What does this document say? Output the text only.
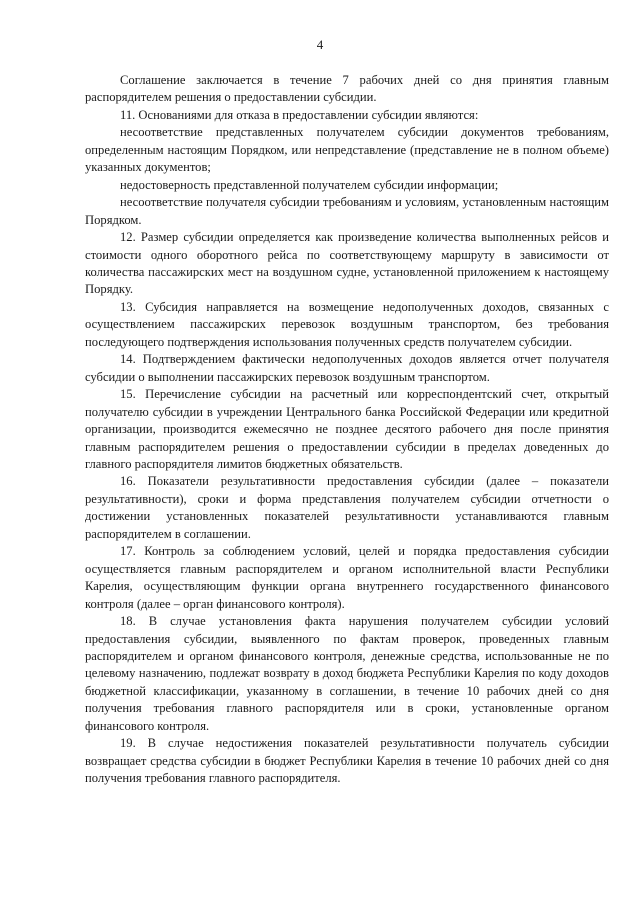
4

Соглашение заключается в течение 7 рабочих дней со дня принятия главным распорядителем решения о предоставлении субсидии.

11. Основаниями для отказа в предоставлении субсидии являются:

несоответствие представленных получателем субсидии документов требованиям, определенным настоящим Порядком, или непредставление (представление не в полном объеме) указанных документов;

недостоверность представленной получателем субсидии информации;

несоответствие получателя субсидии требованиям и условиям, установленным настоящим Порядком.

12. Размер субсидии определяется как произведение количества выполненных рейсов и стоимости одного оборотного рейса по соответствующему маршруту в зависимости от количества пассажирских мест на воздушном судне, установленной приложением к настоящему Порядку.

13. Субсидия направляется на возмещение недополученных доходов, связанных с осуществлением пассажирских перевозок воздушным транспортом, без требования последующего подтверждения использования полученных средств получателем субсидии.

14. Подтверждением фактически недополученных доходов является отчет получателя субсидии о выполнении пассажирских перевозок воздушным транспортом.

15. Перечисление субсидии на расчетный или корреспондентский счет, открытый получателю субсидии в учреждении Центрального банка Российской Федерации или кредитной организации, производится ежемесячно не позднее десятого рабочего дня после принятия главным распорядителем решения о предоставлении субсидии в пределах доведенных до главного распорядителя лимитов бюджетных обязательств.

16. Показатели результативности предоставления субсидии (далее – показатели результативности), сроки и форма представления получателем субсидии отчетности о достижении установленных показателей результативности устанавливаются главным распорядителем в соглашении.

17. Контроль за соблюдением условий, целей и порядка предоставления субсидии осуществляется главным распорядителем и органом исполнительной власти Республики Карелия, осуществляющим функции органа внутреннего государственного финансового контроля (далее – орган финансового контроля).

18. В случае установления факта нарушения получателем субсидии условий предоставления субсидии, выявленного по фактам проверок, проведенных главным распорядителем и органом финансового контроля, денежные средства, использованные не по целевому назначению, подлежат возврату в доход бюджета Республики Карелия по коду доходов бюджетной классификации, указанному в соглашении, в течение 10 рабочих дней со дня получения требования главного распорядителя или в сроки, установленные органом финансового контроля.

19. В случае недостижения показателей результативности получатель субсидии возвращает средства субсидии в бюджет Республики Карелия в течение 10 рабочих дней со дня получения требования главного распорядителя.
